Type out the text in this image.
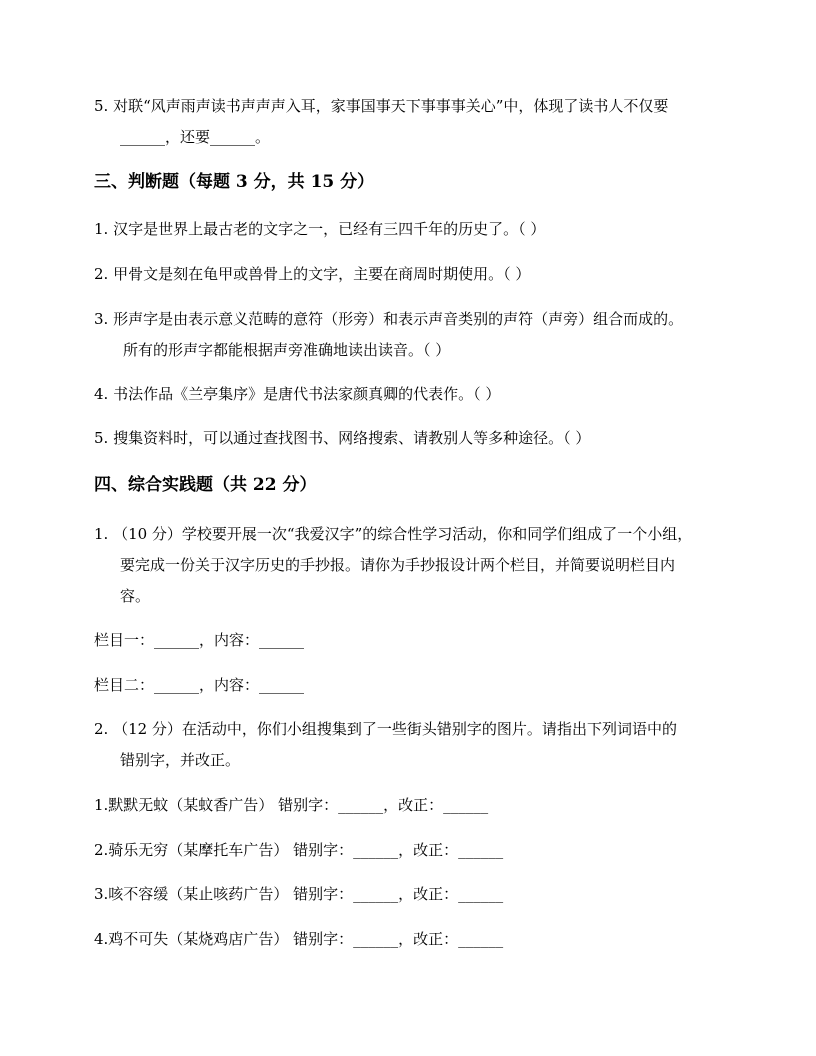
5. 对联“风声雨声读书声声声入耳，家事国事天下事事事关心”中，体现了读书人不仅要
______，还要______。
三、判断题（每题 3 分，共 15 分）
1. 汉字是世界上最古老的文字之一，已经有三四千年的历史了。（ ）
2. 甲骨文是刻在龟甲或兽骨上的文字，主要在商周时期使用。（ ）
3. 形声字是由表示意义范畴的意符（形旁）和表示声音类别的声符（声旁）组合而成的。
所有的形声字都能根据声旁准确地读出读音。（ ）
4. 书法作品《兰亭集序》是唐代书法家颜真卿的代表作。（ ）
5. 搜集资料时，可以通过查找图书、网络搜索、请教别人等多种途径。（ ）
四、综合实践题（共 22 分）
1. （10 分）学校要开展一次“我爱汉字”的综合性学习活动，你和同学们组成了一个小组，
要完成一份关于汉字历史的手抄报。请你为手抄报设计两个栏目，并简要说明栏目内
容。
栏目一：______，内容：______
栏目二：______，内容：______
2. （12 分）在活动中，你们小组搜集到了一些街头错别字的图片。请指出下列词语中的
错别字，并改正。
1.默默无蚊（某蚊香广告） 错别字：______，改正：______
2.骑乐无穷（某摩托车广告） 错别字：______，改正：______
3.咳不容缓（某止咳药广告） 错别字：______，改正：______
4.鸡不可失（某烧鸡店广告） 错别字：______，改正：______
